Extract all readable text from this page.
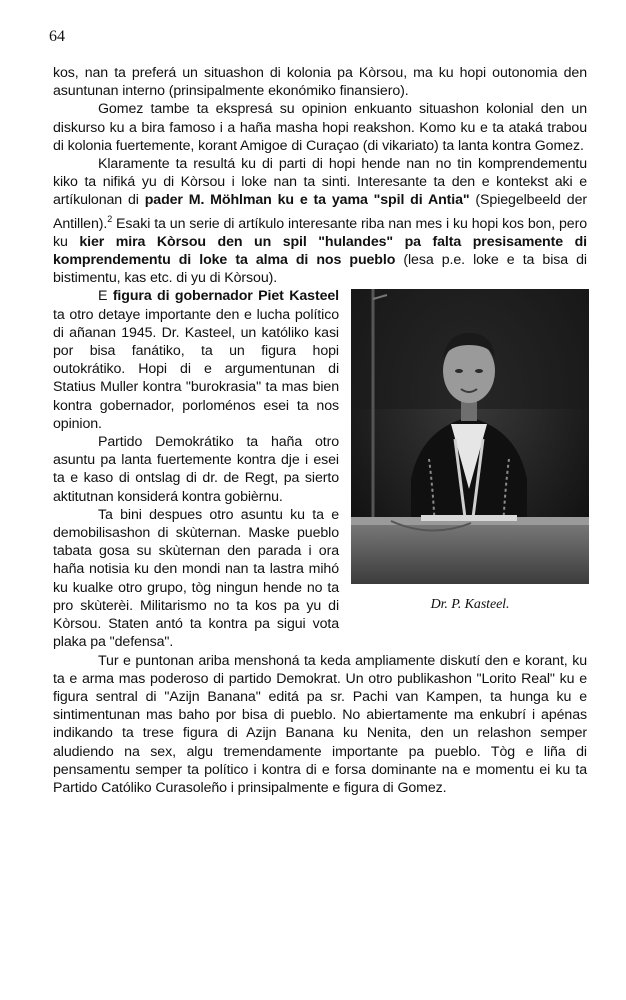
64

kos, nan ta preferá un situashon di kolonia pa Kòrsou, ma ku hopi outonomia den asuntunan interno (prinsipalmente ekonómiko finansiero).

Gomez tambe ta ekspresá su opinion enkuanto situashon kolonial den un diskurso ku a bira famoso i a haña masha hopi reakshon. Komo ku e ta ataká trabou di kolonia fuertemente, korant Amigoe di Curaçao (di vikariato) ta lanta kontra Gomez.

Klaramente ta resultá ku di parti di hopi hende nan no tin komprendementu kiko ta nifiká yu di Kòrsou i loke nan ta sinti. Interesante ta den e kontekst aki e artíkulonan di pader M. Möhlman ku e ta yama "spil di Antia" (Spiegelbeeld der Antillen).$^2$ Esaki ta un serie di artíkulo interesante riba nan mes i ku hopi kos bon, pero ku kier mira Kòrsou den un spil "hulandes" pa falta presisamente di komprendementu di loke ta alma di nos pueblo (lesa p.e. loke e ta bisa di bistimentu, kas etc. di yu di Kòrsou).

Dr. P. Kasteel.

E figura di gobernador Piet Kasteel ta otro detaye importante den e lucha político di añanan 1945. Dr. Kasteel, un katóliko kasi por bisa fanátiko, ta un figura hopi outokrátiko. Hopi di e argumentunan di Statius Muller kontra "burokrasia" ta mas bien kontra gobernador, porloménos esei ta nos opinion.

Partido Demokrátiko ta haña otro asuntu pa lanta fuertemente kontra dje i esei ta e kaso di ontslag di dr. de Regt, pa sierto aktitutnan konsiderá kontra gobièrnu.

Ta bini despues otro asuntu ku ta e demobilisashon di skùternan. Maske pueblo tabata gosa su skùternan den parada i ora haña notisia ku den mondi nan ta lastra mihó ku kualke otro grupo, tòg ningun hende no ta pro skùterèi. Militarismo no ta kos pa yu di Kòrsou. Staten antó ta kontra pa sigui vota plaka pa "defensa".

Tur e puntonan ariba menshoná ta keda ampliamente diskutí den e korant, ku ta e arma mas poderoso di partido Demokrat. Un otro publikashon "Lorito Real" ku e figura sentral di "Azijn Banana" editá pa sr. Pachi van Kampen, ta hunga ku e sintimentunan mas baho por bisa di pueblo. No abiertamente ma enkubrí i apénas indikando ta trese figura di Azijn Banana ku Nenita, den un relashon semper aludiendo na sex, algu tremendamente importante pa pueblo. Tòg e liña di pensamentu semper ta político i kontra di e forsa dominante na e momentu ei ku ta Partido Católiko Curasoleño i prinsipalmente e figura di Gomez.
